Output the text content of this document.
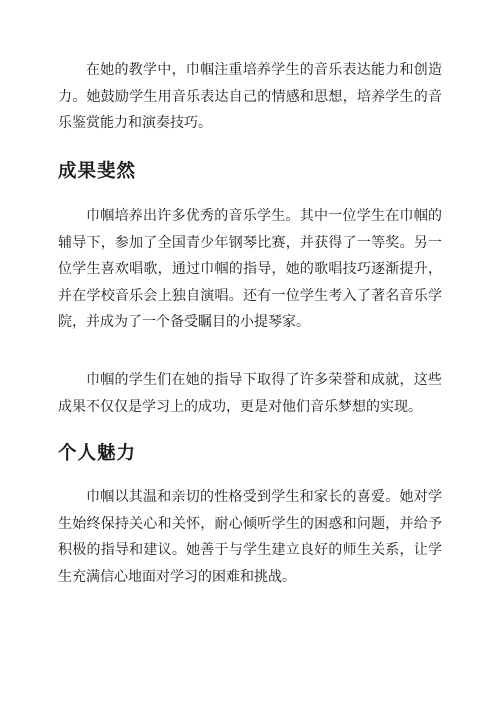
在她的教学中，巾帼注重培养学生的音乐表达能力和创造力。她鼓励学生用音乐表达自己的情感和思想，培养学生的音乐鉴赏能力和演奏技巧。

成果斐然

巾帼培养出许多优秀的音乐学生。其中一位学生在巾帼的辅导下，参加了全国青少年钢琴比赛，并获得了一等奖。另一位学生喜欢唱歌，通过巾帼的指导，她的歌唱技巧逐渐提升，并在学校音乐会上独自演唱。还有一位学生考入了著名音乐学院，并成为了一个备受瞩目的小提琴家。

巾帼的学生们在她的指导下取得了许多荣誉和成就，这些成果不仅仅是学习上的成功，更是对他们音乐梦想的实现。

个人魅力

巾帼以其温和亲切的性格受到学生和家长的喜爱。她对学生始终保持关心和关怀，耐心倾听学生的困惑和问题，并给予积极的指导和建议。她善于与学生建立良好的师生关系，让学生充满信心地面对学习的困难和挑战。
